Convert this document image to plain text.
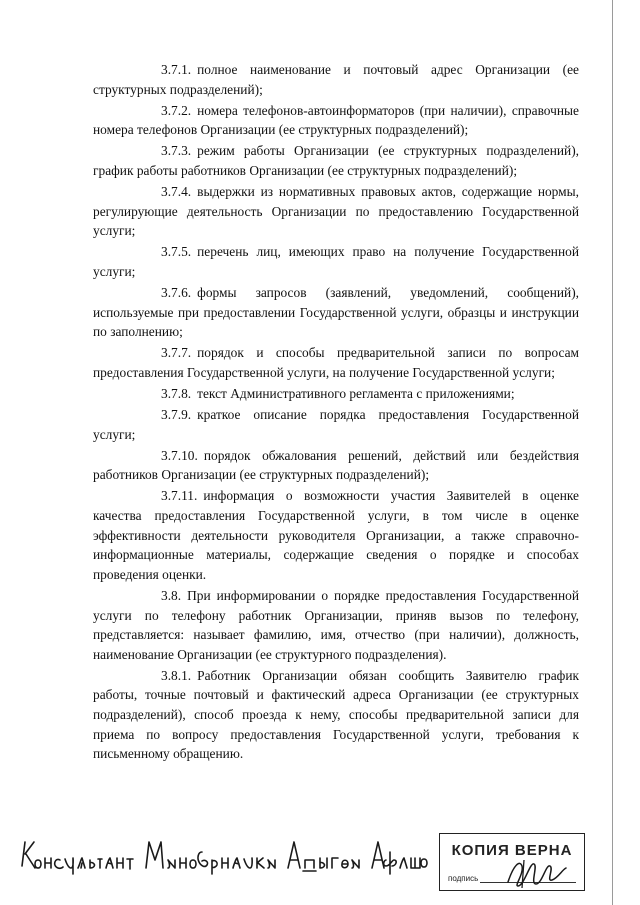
3.7.1. полное наименование и почтовый адрес Организации (ее структурных подразделений);

3.7.2. номера телефонов-автоинформаторов (при наличии), справочные номера телефонов Организации (ее структурных подразделений);

3.7.3. режим работы Организации (ее структурных подразделений), график работы работников Организации (ее структурных подразделений);

3.7.4. выдержки из нормативных правовых актов, содержащие нормы, регулирующие деятельность Организации по предоставлению Государственной услуги;

3.7.5. перечень лиц, имеющих право на получение Государственной услуги;

3.7.6. формы запросов (заявлений, уведомлений, сообщений), используемые при предоставлении Государственной услуги, образцы и инструкции по заполнению;

3.7.7. порядок и способы предварительной записи по вопросам предоставления Государственной услуги, на получение Государственной услуги;

3.7.8. текст Административного регламента с приложениями;

3.7.9. краткое описание порядка предоставления Государственной услуги;

3.7.10. порядок обжалования решений, действий или бездействия работников Организации (ее структурных подразделений);

3.7.11. информация о возможности участия Заявителей в оценке качества предоставления Государственной услуги, в том числе в оценке эффективности деятельности руководителя Организации, а также справочно-информационные материалы, содержащие сведения о порядке и способах проведения оценки.

3.8. При информировании о порядке предоставления Государственной услуги по телефону работник Организации, приняв вызов по телефону, представляется: называет фамилию, имя, отчество (при наличии), должность, наименование Организации (ее структурного подразделения).

3.8.1. Работник Организации обязан сообщить Заявителю график работы, точные почтовый и фактический адреса Организации (ее структурных подразделений), способ проезда к нему, способы предварительной записи для приема по вопросу предоставления Государственной услуги, требования к письменному обращению.

КОПИЯ ВЕРНА
подпись
